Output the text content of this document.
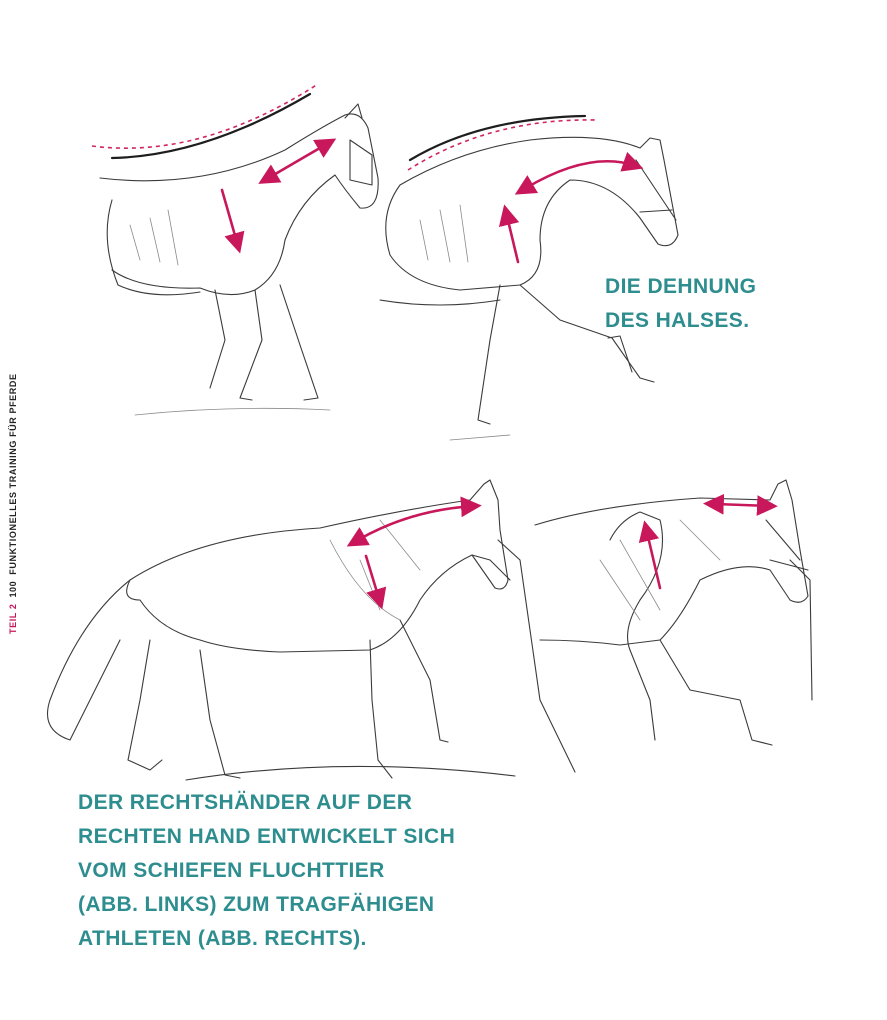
TEIL 2100FUNKTIONELLES TRAINING FÜR PFERDE
DIE DEHNUNG
DES HALSES.
DER RECHTSHÄNDER AUF DER
RECHTEN HAND ENTWICKELT SICH
VOM SCHIEFEN FLUCHTTIER
(ABB. LINKS) ZUM TRAGFÄHIGEN
ATHLETEN (ABB. RECHTS).
